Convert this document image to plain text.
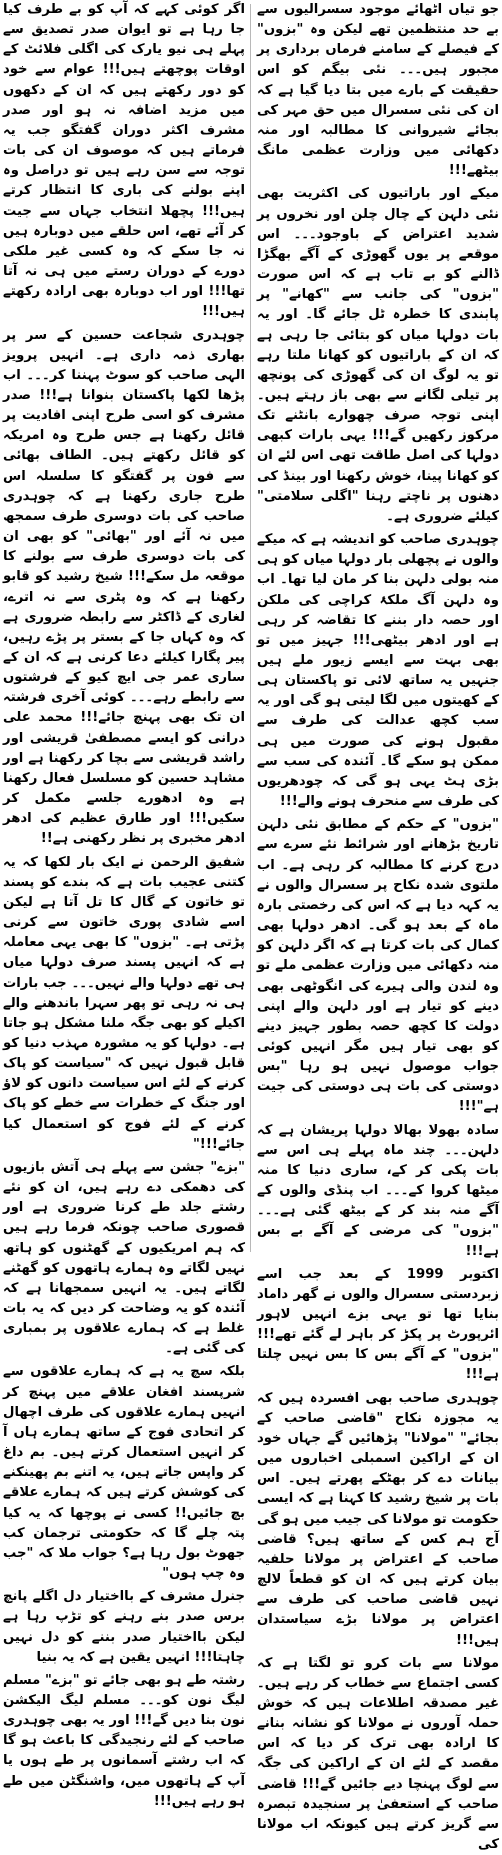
جو تیاں اٹھائے موجود سسرالیوں سے بے حد منتظمین تھے لیکن وہ "بزوں" کے فیصلے کے سامنے فرماں برداری پر مجبور ہیں۔۔۔ نئی بیگم کو اس حقیقت کے بارے میں بتا دیا گیا ہے کہ ان کی نئی سسرال میں حق مہر کی بجائے شیروانی کا مطالبہ اور منہ دکھائی میں وزارت عظمی مانگ بیٹھے!!!

میکے اور باراتیوں کی اکثریت بھی نئی دلہن کے چال چلن اور نخروں پر شدید اعتراض کے باوجود۔۔۔ اس موقعے پر یوں گھوڑی کے آگے بھگڑا ڈالنے کو بے تاب ہے کہ اس صورت "بزوں" کی جانب سے "کھانے" پر پابندی کا خطرہ ٹل جائے گا۔ اور یہ بات دولہا میاں کو بتائی جا رہی ہے کہ ان کے باراتیوں کو کھانا ملتا رہے تو یہ لوگ ان کی گھوڑی کی پونچھ پر تیلی لگانے سے بھی باز رہتے ہیں۔ اپنی توجہ صرف چھوارے بانٹنے تک مرکوز رکھیں گے!!! یہی بارات کبھی دولہا کی اصل طاقت تھی اس لئے ان کو کھانا پینا، خوش رکھنا اور بینڈ کی دھنوں پر ناچتے رہنا "اگلی سلامتی" کیلئے ضروری ہے۔

چوہدری صاحب کو اندیشہ ہے کہ میکے والوں نے پچھلی بار دولہا میاں کو ہی منہ بولی دلہن بنا کر مان لیا تھا۔ اب وہ دلہن آگ ملکۂ کراچی کی ملکن اور حصہ دار بننے کا تقاضہ کر رہی ہے اور ادھر بیٹھی!!! جہیز میں تو بھی بہت سے ایسے زیور ملے ہیں جنہیں یہ ساتھ لائی تو پاکستان ہی کے کھیتوں میں لگا لیتی ہو گی اور یہ سب کچھ عدالت کی طرف سے مقبول ہونے کی صورت میں ہی ممکن ہو سکے گا۔ آئندہ کی سب سے بڑی ہٹ یہی ہو گی کہ چودھریوں کی طرف سے منحرف ہونے والے!!!

"بزوں" کے حکم کے مطابق نئی دلہن تاریخ بڑھانے اور شرائط نئے سرے سے درج کرنے کا مطالبہ کر رہی ہے۔ اب ملتوی شدہ نکاح پر سسرال والوں نے یہ کہہ دیا ہے کہ اس کی رخصتی بارہ ماہ کے بعد ہو گی۔ ادھر دولہا بھی کمال کی بات کرتا ہے کہ اگر دلہن کو منہ دکھائی میں وزارت عظمی ملے تو وہ لندن والی ہیرے کی انگوٹھی بھی دینے کو تیار ہے اور دلہن والے اپنی دولت کا کچھ حصہ بطور جہیز دینے کو بھی تیار ہیں مگر انہیں کوئی جواب موصول نہیں ہو رہا "بس دوستی کی بات ہی دوستی کی جیت ہے"!!!

سادہ بھولا بھالا دولہا پریشان ہے کہ دلہن۔۔۔ چند ماہ پہلے ہی اس سے بات پکی کر کے، ساری دنیا کا منہ میٹھا کروا کے۔۔۔ اب پنڈی والوں کے آگے منہ بند کر کے بیٹھ گئی ہے۔۔۔ "بزوں" کی مرضی کے آگے بے بس ہے!!!

اکتوبر 1999 کے بعد جب اسے زبردستی سسرال والوں نے گھر داماد بنایا تھا تو یہی بزے انہیں لاہور ائرپورٹ پر پکڑ کر باہر لے گئے تھے!!! "بزوں" کے آگے بس کا بس نہیں چلتا ہے!!!

چوہدری صاحب بھی افسردہ ہیں کہ یہ مجوزہ نکاح "قاضی صاحب کے بجائے" "مولانا" پڑھائیں گے جہاں خود ان کے اراکین اسمبلی اخباروں میں بیانات دے کر بھٹکے پھرتے ہیں۔ اس بات پر شیخ رشید کا کہنا ہے کہ ایسی حکومت تو مولانا کی جیب میں ہو گی آج ہم کس کے ساتھ ہیں؟ قاضی صاحب کے اعتراض پر مولانا حلفیہ بیان کرتے ہیں کہ ان کو قطعاً لالچ نہیں قاضی صاحب کی طرف سے اعتراض پر مولانا بڑے سیاستدان ہیں!!!

مولانا سے بات کرو تو لگتا ہے کہ کسی اجتماع سے خطاب کر رہے ہیں۔ غیر مصدقہ اطلاعات ہیں کہ خوش حملہ آوروں نے مولانا کو نشانہ بنانے کا ارادہ بھی ترک کر دیا کہ اس مقصد کے لئے ان کے اراکین کی جگہ سے لوگ پہنچا دیے جائیں گے!!! قاضی صاحب کے استعفیٰ پر سنجیدہ تبصرہ سے گریز کرتے ہیں کیونکہ اب مولانا کی

اگر کوئی کہے کہ آپ کو بے طرف کیا جا رہا ہے تو ایوان صدر تصدیق سے پہلے ہی نیو یارک کی اگلی فلائٹ کے اوقات پوچھتے ہیں!!! عوام سے خود کو دور رکھتے ہیں کہ ان کے دکھوں میں مزید اضافہ نہ ہو اور صدر مشرف اکثر دوران گفتگو جب یہ فرماتے ہیں کہ موصوف ان کی بات توجہ سے سن رہے ہیں تو دراصل وہ اپنے بولنے کی باری کا انتظار کرتے ہیں!!! پچھلا انتخاب جہاں سے جیت کر آئے تھے، اس حلقے میں دوبارہ ہیں نہ جا سکے کہ وہ کسی غیر ملکی دورے کے دوران رستے میں ہی نہ آتا تھا!!! اور اب دوبارہ بھی ارادہ رکھتے ہیں!!!

چوہدری شجاعت حسین کے سر پر بھاری ذمہ داری ہے۔ انہیں پرویز الہی صاحب کو سوٹ پہننا کر۔۔۔ اب پڑھا لکھا پاکستان بنوانا ہے!!! صدر مشرف کو اسی طرح اپنی افادیت پر قائل رکھنا ہے جس طرح وہ امریکہ کو قائل رکھتے ہیں۔ الطاف بھائی سے فون پر گفتگو کا سلسلہ اس طرح جاری رکھنا ہے کہ چوہدری صاحب کی بات دوسری طرف سمجھ میں نہ آئے اور "بھائی" کو بھی ان کی بات دوسری طرف سے بولنے کا موقعہ مل سکے!!! شیخ رشید کو قابو رکھنا ہے کہ وہ پٹری سے نہ اترے، لغاری کے ڈاکٹر سے رابطہ ضروری ہے کہ وہ کہاں جا کے بستر پر پڑے رہیں، پیر پگارا کیلئے دعا کرنی ہے کہ ان کے ساری عمر جی ایچ کیو کے فرشتوں سے رابطے رہے۔۔۔ کوئی آخری فرشتہ ان تک بھی پہنچ جائے!!! محمد علی درانی کو ایسے مصطفیٰ قریشی اور راشد قریشی سے بچا کر رکھنا ہے اور مشاہد حسین کو مسلسل فعال رکھنا ہے وہ ادھورے جلسے مکمل کر سکیں!!! اور طارق عظیم کی ادھر ادھر مخبری پر نظر رکھنی ہے!!

شفیق الرحمن نے ایک بار لکھا کہ یہ کتنی عجیب بات ہے کہ بندے کو پسند تو خاتون کے گال کا تل آتا ہے لیکن اسے شادی پوری خاتون سے کرنی پڑتی ہے۔ "بزوں" کا بھی یہی معاملہ ہے کہ انہیں پسند صرف دولہا میاں ہی تھے دولہا والے نہیں۔۔۔ جب بارات ہی نہ رہی تو پھر سہرا باندھنے والے اکیلے کو بھی جگہ ملنا مشکل ہو جاتا ہے۔ دولہا کو یہ مشورہ مہذب دنیا کو قابل قبول نہیں کہ "سیاست کو پاک کرنے کے لئے اس سیاست دانوں کو لاؤ اور جنگ کے خطرات سے خطے کو پاک کرنے کے لئے فوج کو استعمال کیا جائے!!!"

"بزے" جشن سے پہلے ہی آتش بازیوں کی دھمکی دے رہے ہیں، ان کو نئے رشتے جلد طے کرنا ضروری ہے اور قصوری صاحب چونکہ فرما رہے ہیں کہ ہم امریکیوں کے گھٹنوں کو ہاتھ نہیں لگاتے وہ ہمارے ہاتھوں کو گھٹنے لگاتے ہیں۔ یہ انہیں سمجھانا ہے کہ آئندہ کو یہ وضاحت کر دیں کہ یہ بات غلط ہے کہ ہمارے علاقوں پر بمباری کی گئی ہے۔

بلکہ سچ یہ ہے کہ ہمارے علاقوں سے شرپسند افغان علاقے میں پہنچ کر انہیں ہمارے علاقوں کی طرف اچھال کر اتحادی فوج کے ساتھ ہمارے ہاں آ کر انہیں استعمال کرتے ہیں۔ بم داغ کر واپس جاتے ہیں، یہ اتنے بم پھینکنے کی کوشش کرتے ہیں کہ ہمارے علاقے بچ جائیں!! کسی نے پوچھا کہ یہ کیا پتہ چلے گا کہ حکومتی ترجمان کب جھوٹ بول رہا ہے؟ جواب ملا کہ "جب وہ چپ ہوں"

جنرل مشرف کے بااختیار دل اگلے پانچ برس صدر بنے رہنے کو تڑپ رہا ہے لیکن بااختیار صدر بننے کو دل نہیں چاہتا!!! انہیں یقین ہے کہ یہ بنیا

رشتہ طے ہو بھی جائے تو "بزے" مسلم لیگ نون کو۔۔۔ مسلم لیگ الیکشن نون بنا دیں گے!!! اور یہ بھی چوہدری صاحب کے لئے رنجیدگی کا باعث ہو گا کہ اب رشتے آسمانوں پر طے ہوں یا آپ کے ہاتھوں میں، واشنگٹن میں طے ہو رہے ہیں!!!
